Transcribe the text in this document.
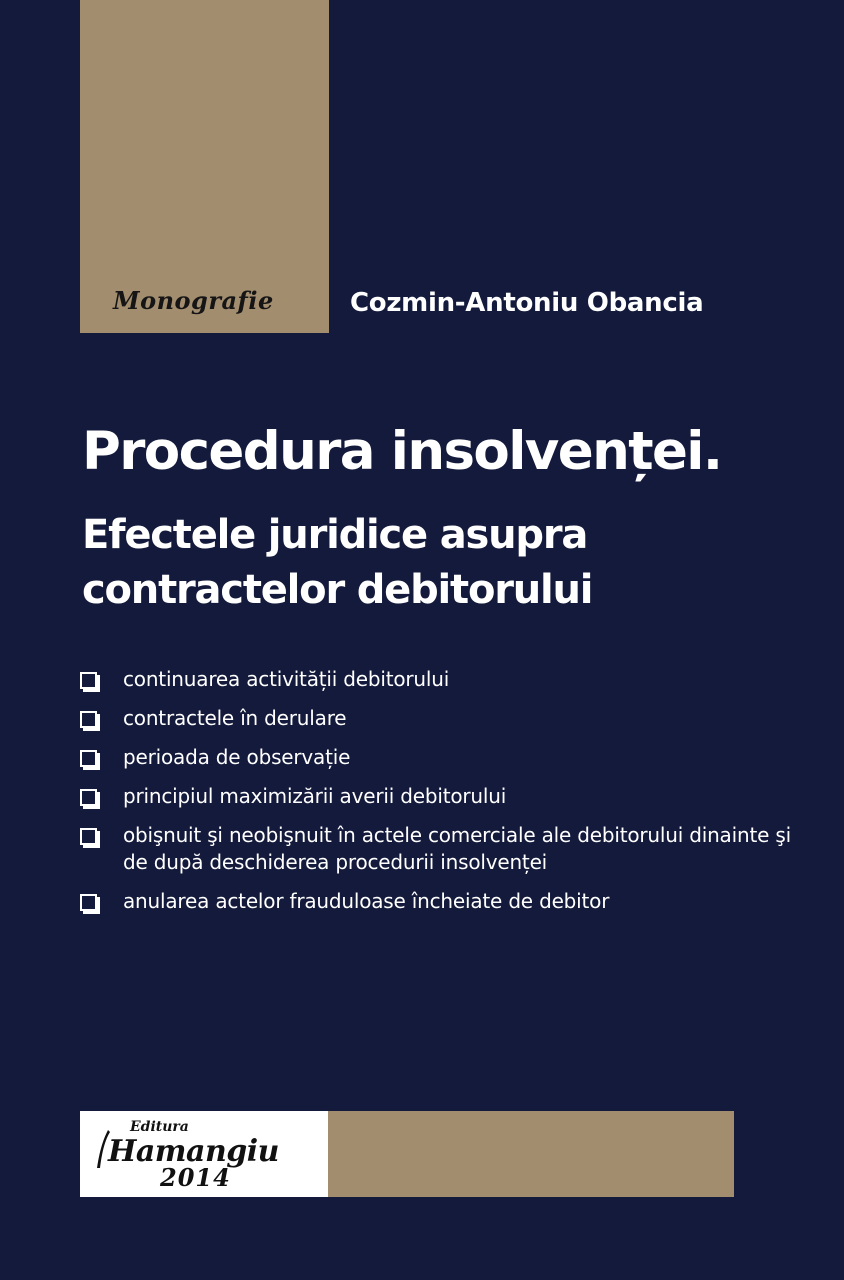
Monografie	Cozmin-Antoniu Obancia
Procedura insolvenței.
Efectele juridice asupra
contractelor debitorului
continuarea activității debitorului
contractele în derulare
perioada de observație
principiul maximizării averii debitorului
obişnuit şi neobişnuit în actele comerciale ale debitorului dinainte şi de după deschiderea procedurii insolvenței
anularea actelor frauduloase încheiate de debitor
Editura
Hamangiu
2014
